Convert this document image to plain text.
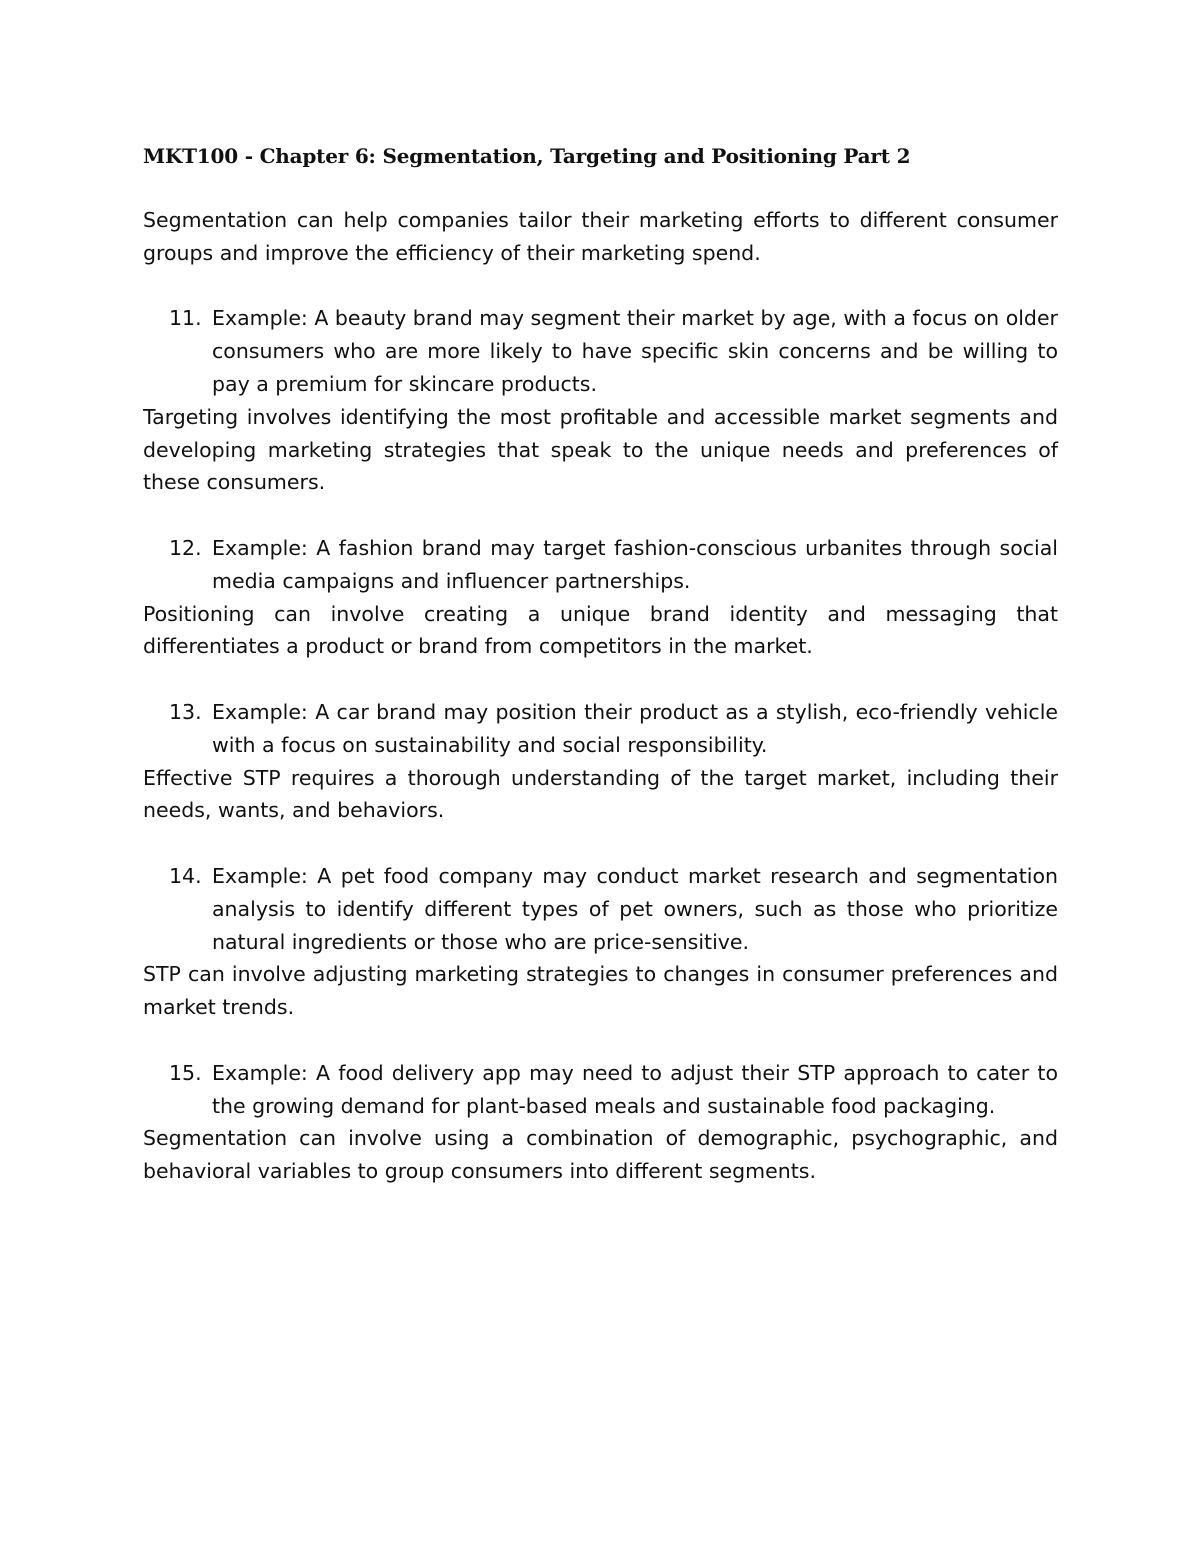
MKT100 - Chapter 6: Segmentation, Targeting and Positioning Part 2

Segmentation can help companies tailor their marketing efforts to different consumer groups and improve the efficiency of their marketing spend.

11. Example: A beauty brand may segment their market by age, with a focus on older consumers who are more likely to have specific skin concerns and be willing to pay a premium for skincare products.

Targeting involves identifying the most profitable and accessible market segments and developing marketing strategies that speak to the unique needs and preferences of these consumers.

12. Example: A fashion brand may target fashion-conscious urbanites through social media campaigns and influencer partnerships.

Positioning can involve creating a unique brand identity and messaging that differentiates a product or brand from competitors in the market.

13. Example: A car brand may position their product as a stylish, eco-friendly vehicle with a focus on sustainability and social responsibility.

Effective STP requires a thorough understanding of the target market, including their needs, wants, and behaviors.

14. Example: A pet food company may conduct market research and segmentation analysis to identify different types of pet owners, such as those who prioritize natural ingredients or those who are price-sensitive.

STP can involve adjusting marketing strategies to changes in consumer preferences and market trends.

15. Example: A food delivery app may need to adjust their STP approach to cater to the growing demand for plant-based meals and sustainable food packaging.

Segmentation can involve using a combination of demographic, psychographic, and behavioral variables to group consumers into different segments.
